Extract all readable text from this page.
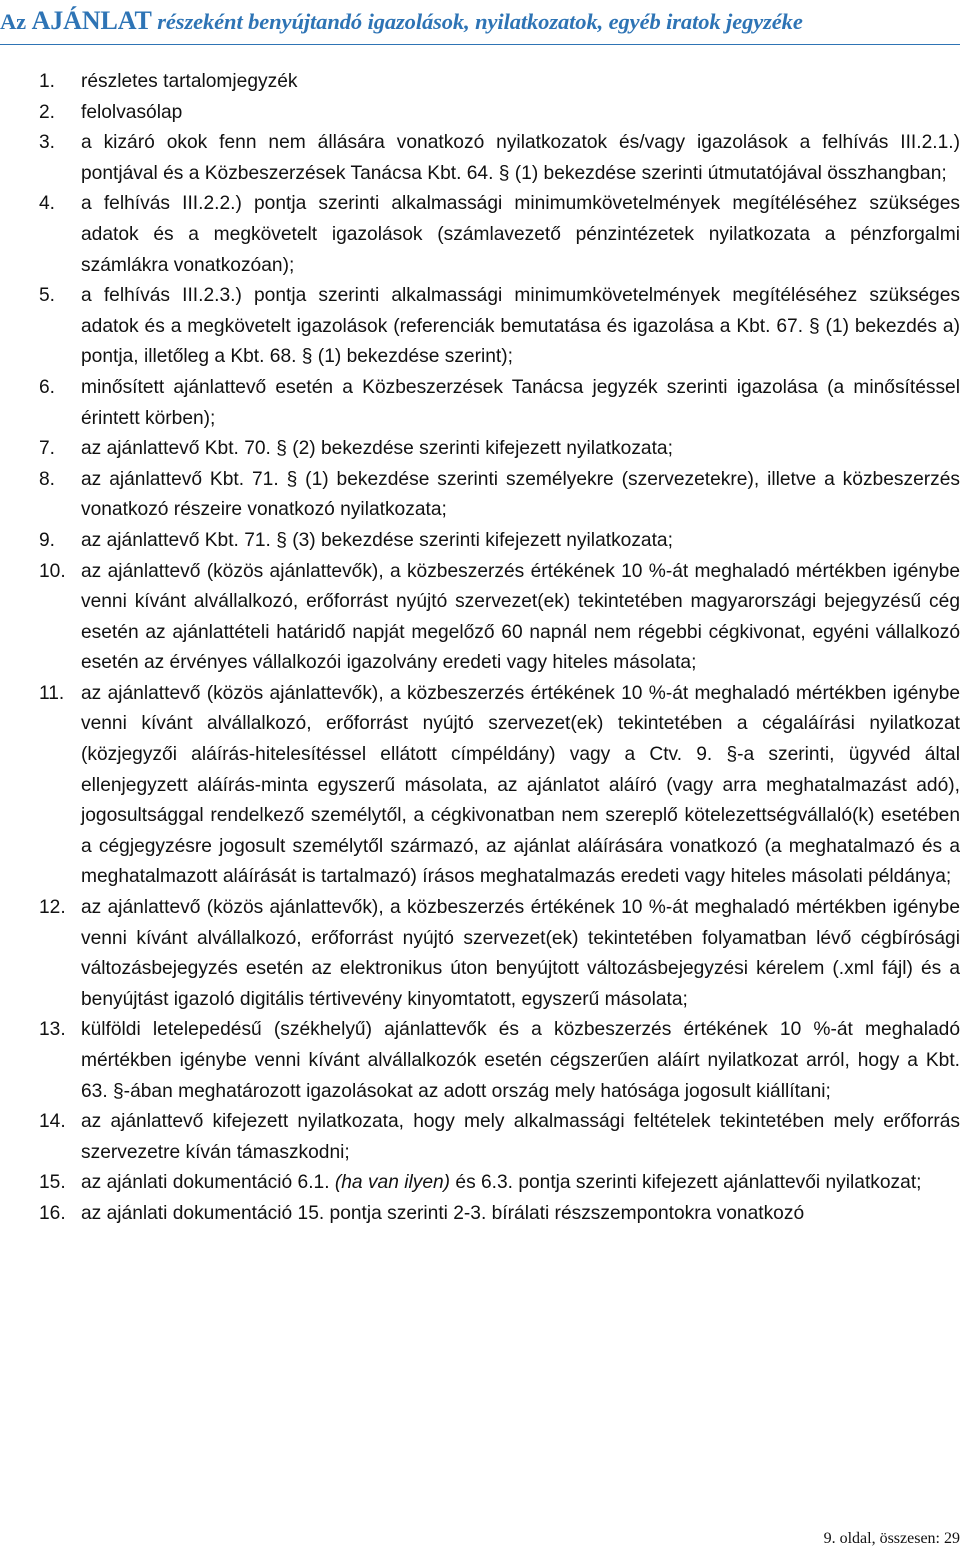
Az AJÁNLAT részeként benyújtandó igazolások, nyilatkozatok, egyéb iratok jegyzéke
1.	részletes tartalomjegyzék
2.	felolvasólap
3.	a kizáró okok fenn nem állására vonatkozó nyilatkozatok és/vagy igazolások a felhívás III.2.1.) pontjával és a Közbeszerzések Tanácsa Kbt. 64. § (1) bekezdése szerinti útmutatójával összhangban;
4.	a felhívás III.2.2.) pontja szerinti alkalmassági minimumkövetelmények megítéléséhez szükséges adatok és a megkövetelt igazolások (számlavezető pénzintézetek nyilatkozata a pénzforgalmi számlákra vonatkozóan);
5.	a felhívás III.2.3.) pontja szerinti alkalmassági minimumkövetelmények megítéléséhez szükséges adatok és a megkövetelt igazolások (referenciák bemutatása és igazolása a Kbt. 67. § (1) bekezdés a) pontja, illetőleg a Kbt. 68. § (1) bekezdése szerint);
6.	minősített ajánlattevő esetén a Közbeszerzések Tanácsa jegyzék szerinti igazolása (a minősítéssel érintett körben);
7.	az ajánlattevő Kbt. 70. § (2) bekezdése szerinti kifejezett nyilatkozata;
8.	az ajánlattevő Kbt. 71. § (1) bekezdése szerinti személyekre (szervezetekre), illetve a közbeszerzés vonatkozó részeire vonatkozó nyilatkozata;
9.	az ajánlattevő Kbt. 71. § (3) bekezdése szerinti kifejezett nyilatkozata;
10. az ajánlattevő (közös ajánlattevők), a közbeszerzés értékének 10 %-át meghaladó mértékben igénybe venni kívánt alvállalkozó, erőforrást nyújtó szervezet(ek) tekintetében magyarországi bejegyzésű cég esetén az ajánlattételi határidő napját megelőző 60 napnál nem régebbi cégkivonat, egyéni vállalkozó esetén az érvényes vállalkozói igazolvány eredeti vagy hiteles másolata;
11. az ajánlattevő (közös ajánlattevők), a közbeszerzés értékének 10 %-át meghaladó mértékben igénybe venni kívánt alvállalkozó, erőforrást nyújtó szervezet(ek) tekintetében a cégaláírási nyilatkozat (közjegyzői aláírás-hitelesítéssel ellátott címpéldány) vagy a Ctv. 9. §-a szerinti, ügyvéd által ellenjegyzett aláírás-minta egyszerű másolata, az ajánlatot aláíró (vagy arra meghatalmazást adó), jogosultsággal rendelkező személytől, a cégkivonatban nem szereplő kötelezettségvállaló(k) esetében a cégjegyzésre jogosult személytől származó, az ajánlat aláírására vonatkozó (a meghatalmazó és a meghatalmazott aláírását is tartalmazó) írásos meghatalmazás eredeti vagy hiteles másolati példánya;
12. az ajánlattevő (közös ajánlattevők), a közbeszerzés értékének 10 %-át meghaladó mértékben igénybe venni kívánt alvállalkozó, erőforrást nyújtó szervezet(ek) tekintetében folyamatban lévő cégbírósági változásbejegyzés esetén az elektronikus úton benyújtott változásbejegyzési kérelem (.xml fájl) és a benyújtást igazoló digitális tértivevény kinyomtatott, egyszerű másolata;
13. külföldi letelepedésű (székhelyű) ajánlattevők és a közbeszerzés értékének 10 %-át meghaladó mértékben igénybe venni kívánt alvállalkozók esetén cégszerűen aláírt nyilatkozat arról, hogy a Kbt. 63. §-ában meghatározott igazolásokat az adott ország mely hatósága jogosult kiállítani;
14. az ajánlattevő kifejezett nyilatkozata, hogy mely alkalmassági feltételek tekintetében mely erőforrás szervezetre kíván támaszkodni;
15. az ajánlati dokumentáció 6.1. (ha van ilyen) és 6.3. pontja szerinti kifejezett ajánlattevői nyilatkozat;
16. az ajánlati dokumentáció 15. pontja szerinti 2-3. bírálati részszempontokra vonatkozó
9. oldal, összesen: 29
